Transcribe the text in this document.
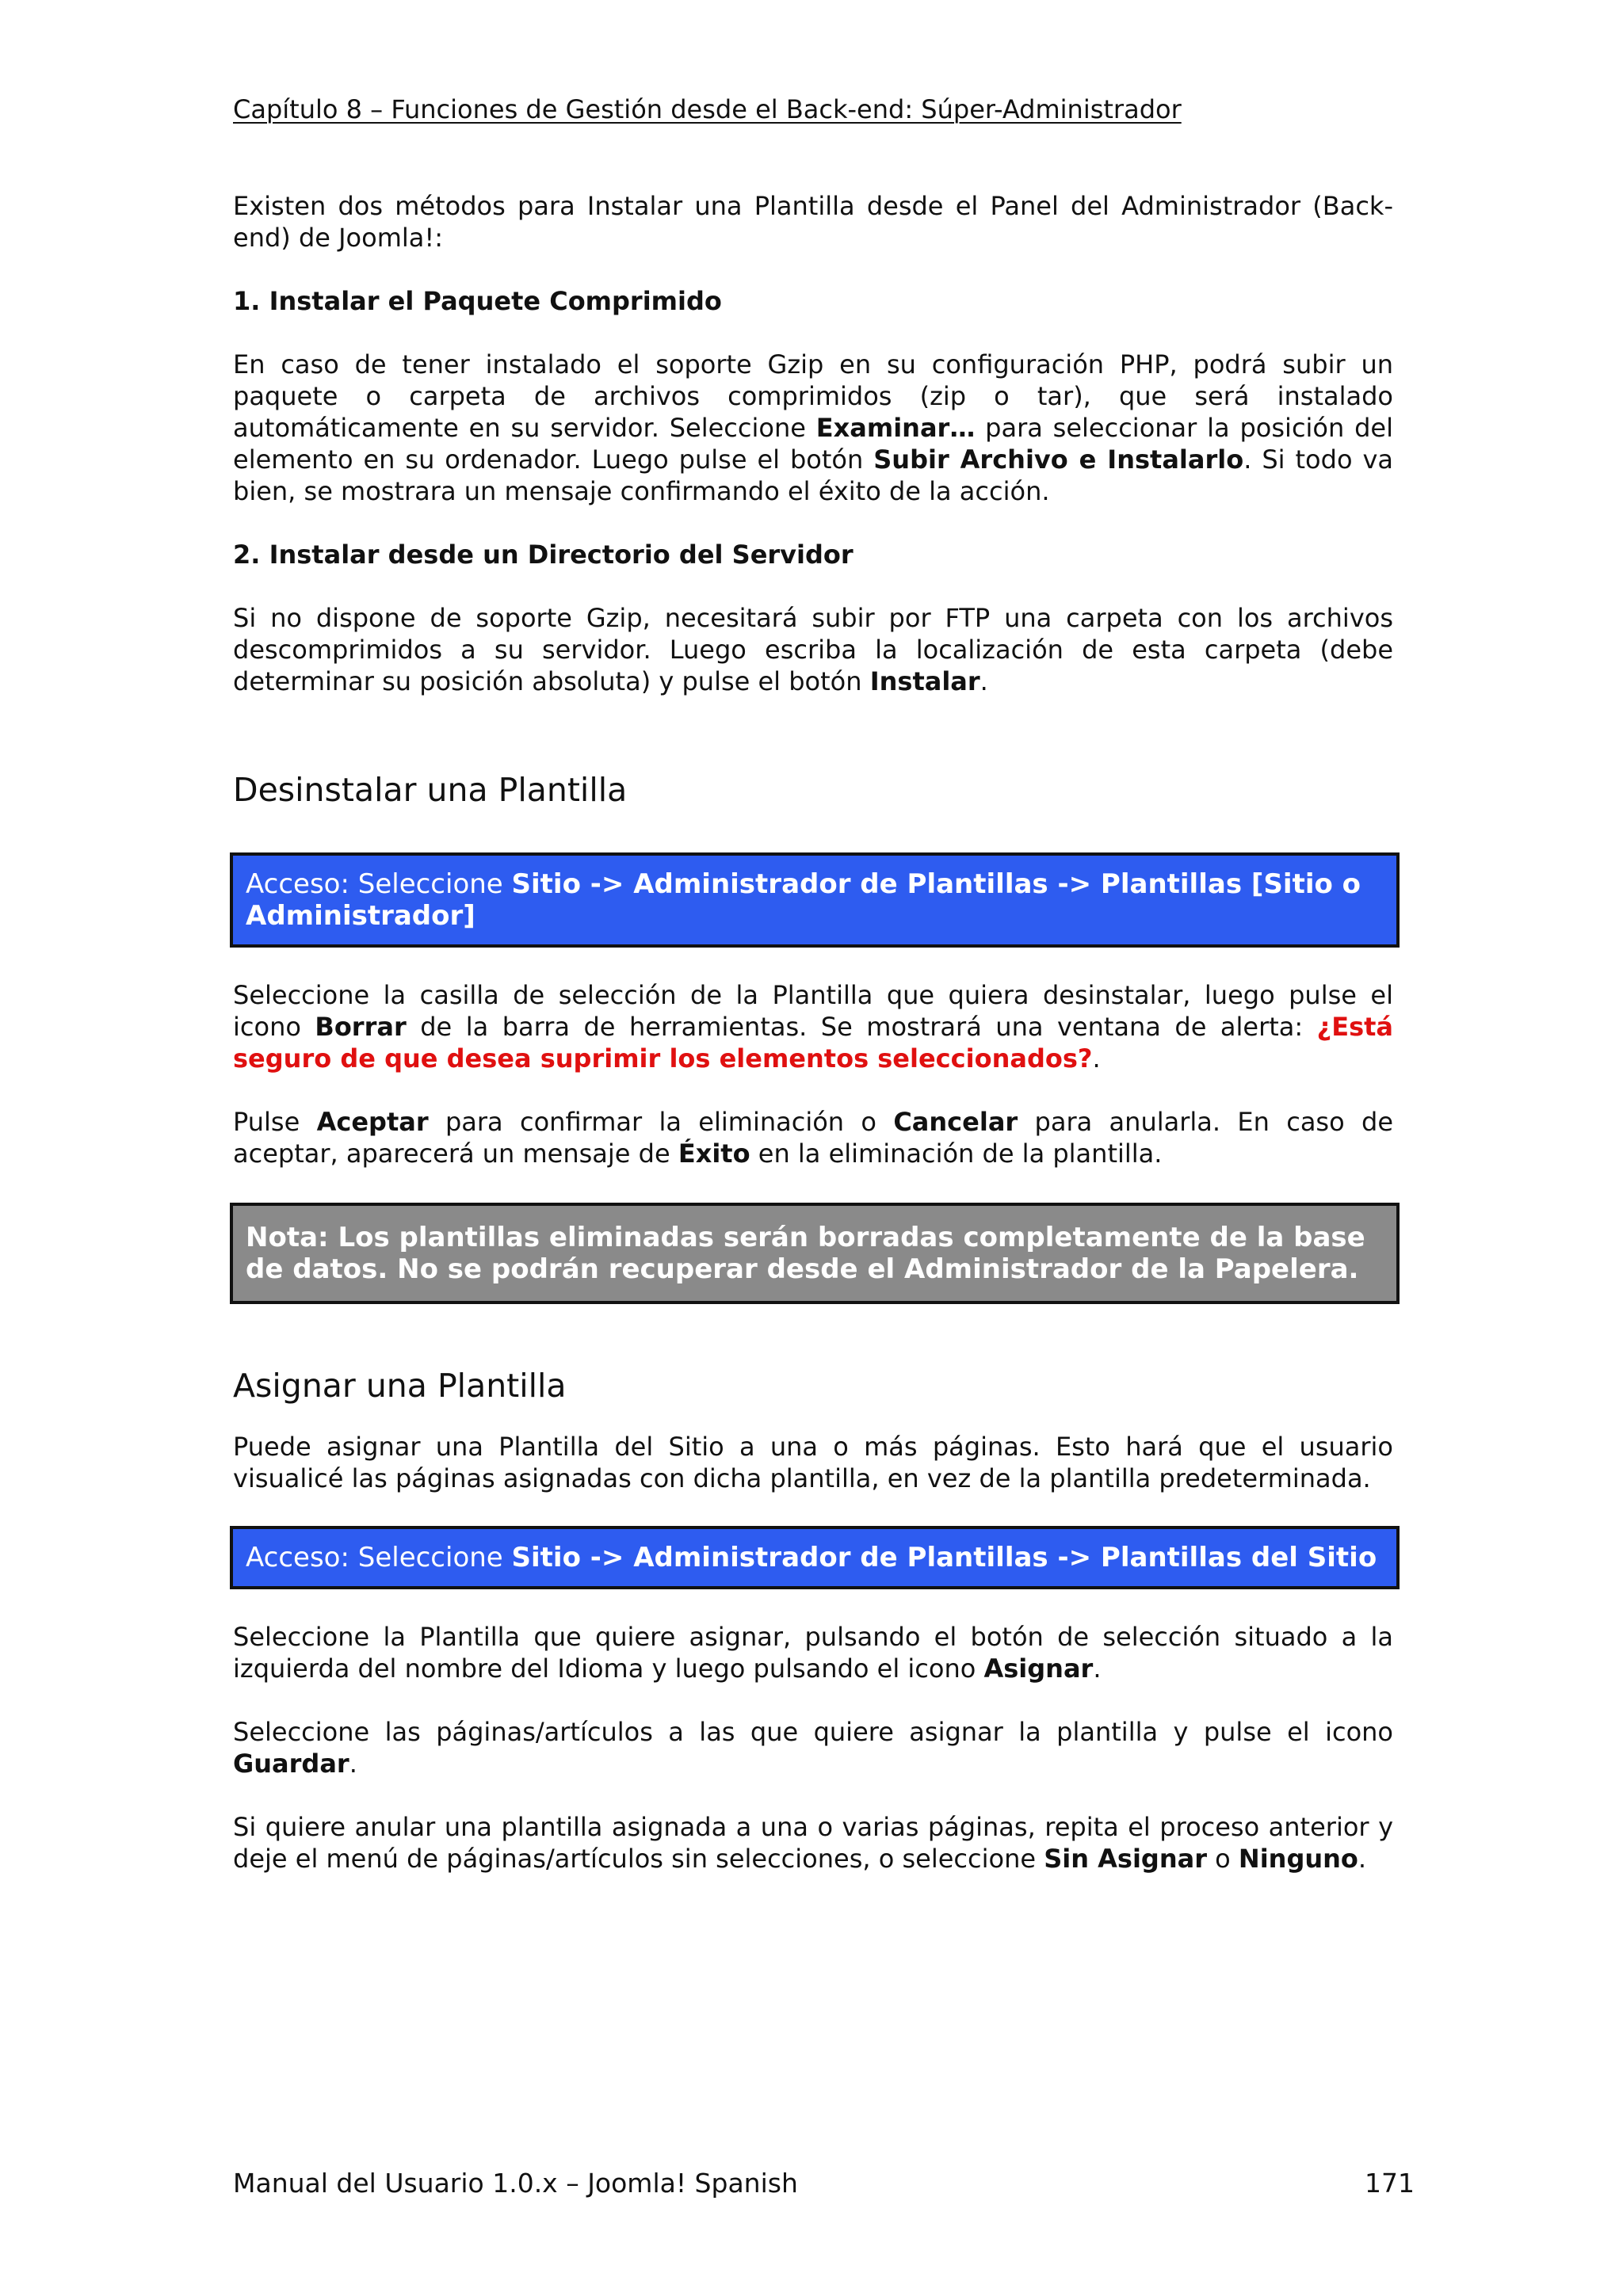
Capítulo 8 – Funciones de Gestión desde el Back-end: Súper-Administrador

Existen dos métodos para Instalar una Plantilla desde el Panel del Administrador (Back-end) de Joomla!:

1. Instalar el Paquete Comprimido

En caso de tener instalado el soporte Gzip en su configuración PHP, podrá subir un paquete o carpeta de archivos comprimidos (zip o tar), que será instalado automáticamente en su servidor. Seleccione Examinar… para seleccionar la posición del elemento en su ordenador. Luego pulse el botón Subir Archivo e Instalarlo. Si todo va bien, se mostrara un mensaje confirmando el éxito de la acción.

2. Instalar desde un Directorio del Servidor

Si no dispone de soporte Gzip, necesitará subir por FTP una carpeta con los archivos descomprimidos a su servidor. Luego escriba la localización de esta carpeta (debe determinar su posición absoluta) y pulse el botón Instalar.

Desinstalar una Plantilla
Acceso: Seleccione Sitio -> Administrador de Plantillas -> Plantillas [Sitio o Administrador]

Seleccione la casilla de selección de la Plantilla que quiera desinstalar, luego pulse el icono Borrar de la barra de herramientas. Se mostrará una ventana de alerta: ¿Está seguro de que desea suprimir los elementos seleccionados?.

Pulse Aceptar para confirmar la eliminación o Cancelar para anularla. En caso de aceptar, aparecerá un mensaje de Éxito en la eliminación de la plantilla.

Nota: Los plantillas eliminadas serán borradas completamente de la base de datos. No se podrán recuperar desde el Administrador de la Papelera.
Asignar una Plantilla

Puede asignar una Plantilla del Sitio a una o más páginas. Esto hará que el usuario visualicé las páginas asignadas con dicha plantilla, en vez de la plantilla predeterminada.

Acceso: Seleccione Sitio -> Administrador de Plantillas -> Plantillas del Sitio

Seleccione la Plantilla que quiere asignar, pulsando el botón de selección situado a la izquierda del nombre del Idioma y luego pulsando el icono Asignar.

Seleccione las páginas/artículos a las que quiere asignar la plantilla y pulse el icono Guardar.

Si quiere anular una plantilla asignada a una o varias páginas, repita el proceso anterior y deje el menú de páginas/artículos sin selecciones, o seleccione Sin Asignar o Ninguno.

Manual del Usuario 1.0.x – Joomla! Spanish	171
